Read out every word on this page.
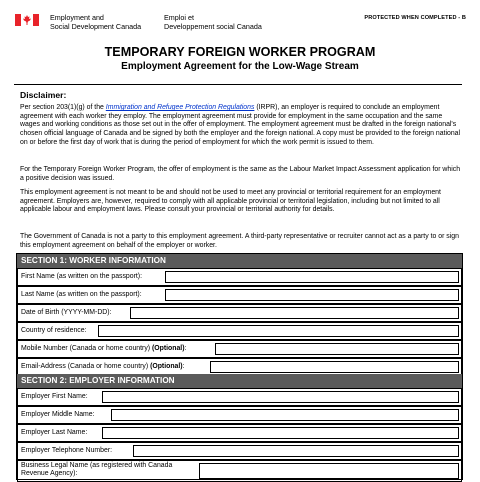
Employment and
Social Development Canada
Emploi et
Developpement social Canada
PROTECTED WHEN COMPLETED - B
TEMPORARY FOREIGN WORKER PROGRAM
Employment Agreement for the Low-Wage Stream
Disclaimer:

Per section 203(1)(g) of the Immigration and Refugee Protection Regulations (IRPR), an employer is required to conclude an employment agreement with each worker they employ. The employment agreement must provide for employment in the same occupation and the same wages and working conditions as those set out in the offer of employment. The employment agreement must be drafted in the foreign national's chosen official language of Canada and be signed by both the employer and the foreign national. A copy must be provided to the foreign national on or before the first day of work that is during the period of employment for which the work permit is issued to them.

For the Temporary Foreign Worker Program, the offer of employment is the same as the Labour Market Impact Assessment application for which a positive decision was issued.

This employment agreement is not meant to be and should not be used to meet any provincial or territorial requirement for an employment agreement. Employers are, however, required to comply with all applicable provincial or territorial legislation, including but not limited to all applicable labour and employment laws. Please consult your provincial or territorial authority for details.

The Government of Canada is not a party to this employment agreement. A third-party representative or recruiter cannot act as a party to or sign this employment agreement on behalf of the employer or worker.

SECTION 1: WORKER INFORMATION
First Name (as written on the passport):
Last Name (as written on the passport):
Date of Birth (YYYY-MM-DD):
Country of residence:
Mobile Number (Canada or home country) (Optional):
Email-Address (Canada or home country) (Optional):
SECTION 2: EMPLOYER INFORMATION
Employer First Name:
Employer Middle Name:
Employer Last Name:
Employer Telephone Number:
Business Legal Name (as registered with Canada Revenue Agency):
